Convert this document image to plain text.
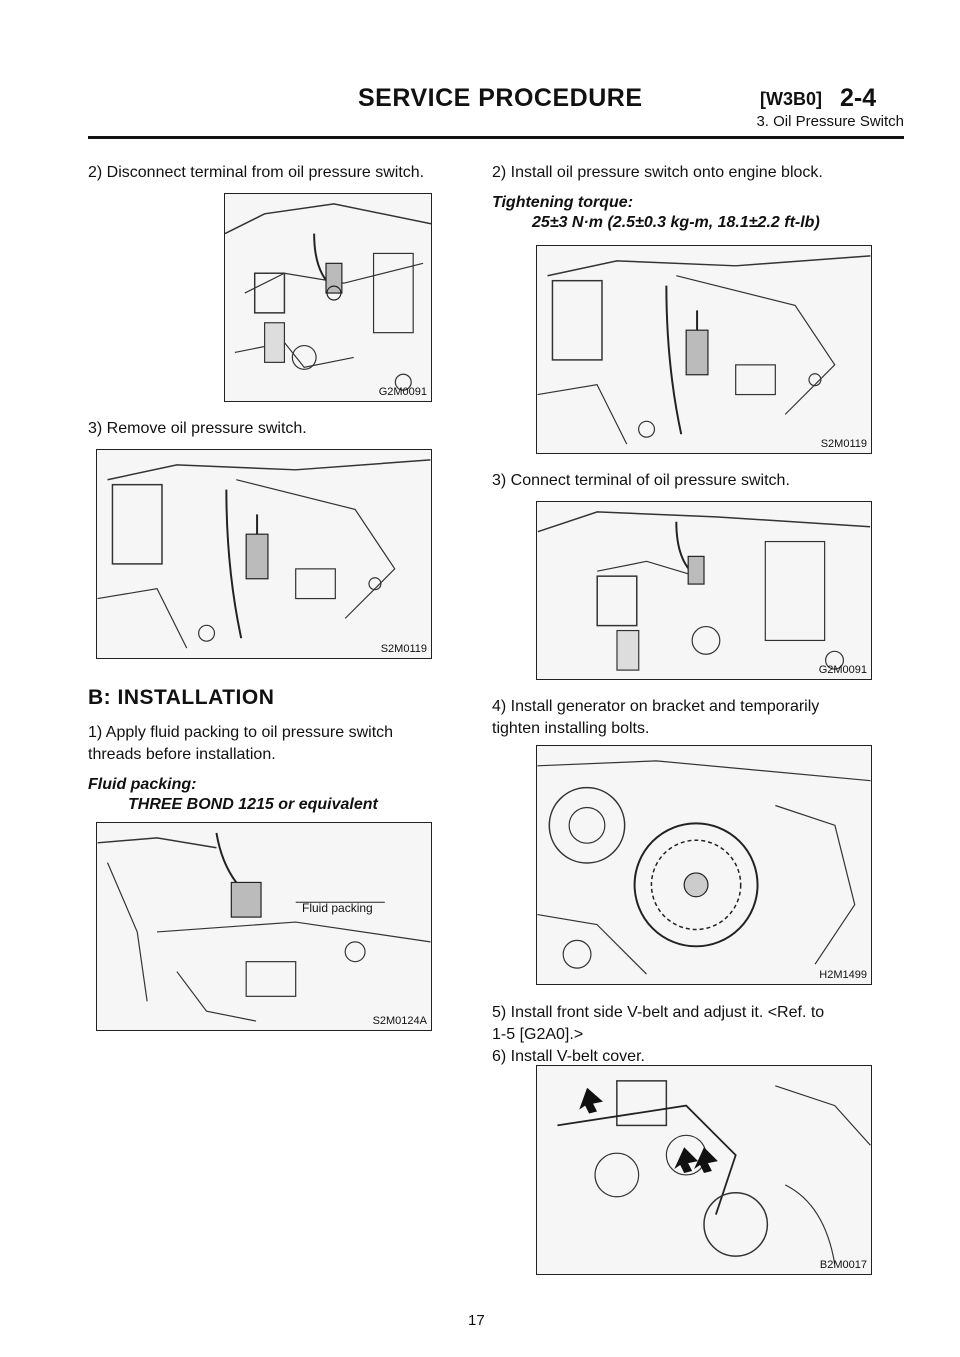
SERVICE PROCEDURE	[W3B0] 2-4
3. Oil Pressure Switch
2) Disconnect terminal from oil pressure switch.
G2M0091
3) Remove oil pressure switch.
S2M0119
B: INSTALLATION
1) Apply fluid packing to oil pressure switch
threads before installation.
Fluid packing:
THREE BOND 1215 or equivalent
Fluid packing
S2M0124A
2) Install oil pressure switch onto engine block.
Tightening torque:
25±3 N·m (2.5±0.3 kg-m, 18.1±2.2 ft-lb)
S2M0119
3) Connect terminal of oil pressure switch.
G2M0091
4) Install generator on bracket and temporarily
tighten installing bolts.
H2M1499
5) Install front side V-belt and adjust it. <Ref. to
1-5 [G2A0].>
6) Install V-belt cover.
B2M0017
17
